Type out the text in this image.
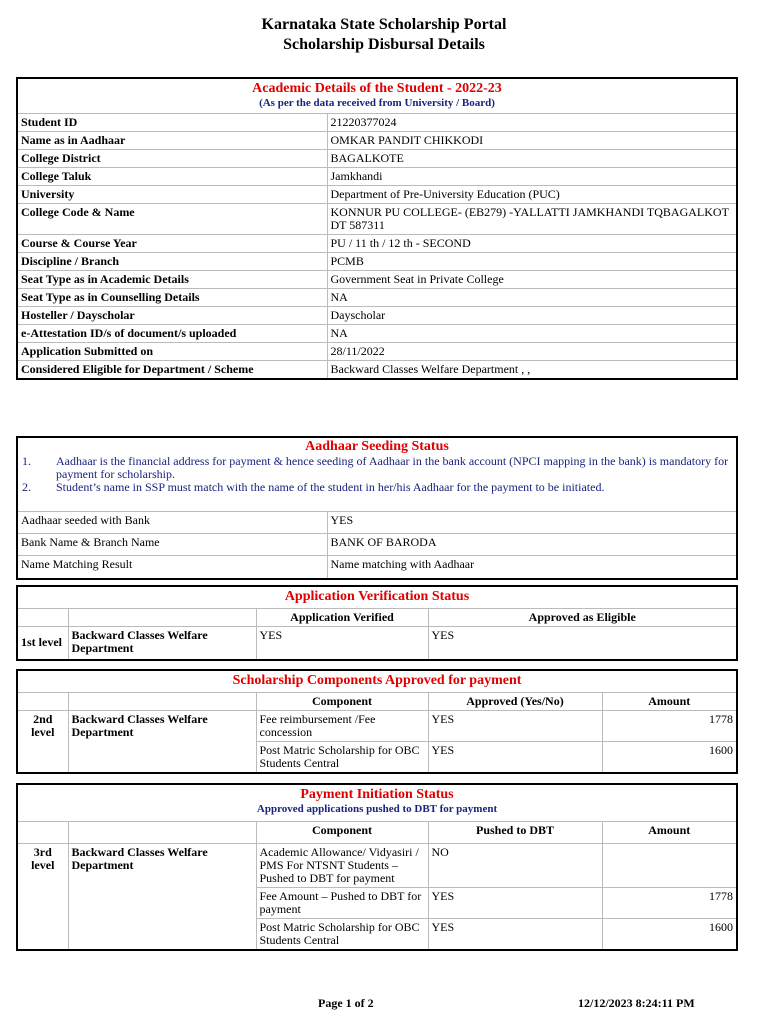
Karnataka State Scholarship Portal
Scholarship Disbursal Details
Academic Details of the Student - 2022-23
(As per the data received from University / Board)
Student ID	21220377024
Name as in Aadhaar	OMKAR PANDIT CHIKKODI
College District	BAGALKOTE
College Taluk	Jamkhandi
University	Department of Pre-University Education (PUC)
College Code & Name	KONNUR PU COLLEGE- (EB279) -YALLATTI JAMKHANDI TQBAGALKOT DT 587311
Course & Course Year	PU / 11 th / 12 th - SECOND
Discipline / Branch	PCMB
Seat Type as in Academic Details	Government Seat in Private College
Seat Type as in Counselling Details	NA
Hosteller / Dayscholar	Dayscholar
e-Attestation ID/s of document/s uploaded	NA
Application Submitted on	28/11/2022
Considered Eligible for Department / Scheme	Backward Classes Welfare Department , ,
Aadhaar Seeding Status
1.	Aadhaar is the financial address for payment & hence seeding of Aadhaar in the bank account (NPCI mapping in the bank) is mandatory for payment for scholarship.
2.	Student’s name in SSP must match with the name of the student in her/his Aadhaar for the payment to be initiated.
Aadhaar seeded with Bank	YES
Bank Name & Branch Name	BANK OF BARODA
Name Matching Result	Name matching with Aadhaar
Application Verification Status
		Application Verified	Approved as Eligible
1st level	Backward Classes Welfare Department	YES	YES
Scholarship Components Approved for payment
		Component	Approved (Yes/No)	Amount
2nd level	Backward Classes Welfare Department	Fee reimbursement /Fee concession	YES	1778
		Post Matric Scholarship for OBC Students Central	YES	1600
Payment Initiation Status
Approved applications pushed to DBT for payment
		Component	Pushed to DBT	Amount
3rd level	Backward Classes Welfare Department	Academic Allowance/ Vidyasiri / PMS For NTSNT Students – Pushed to DBT for payment	NO	
		Fee Amount – Pushed to DBT for payment	YES	1778
		Post Matric Scholarship for OBC Students Central	YES	1600
Page 1 of 2	12/12/2023 8:24:11 PM
